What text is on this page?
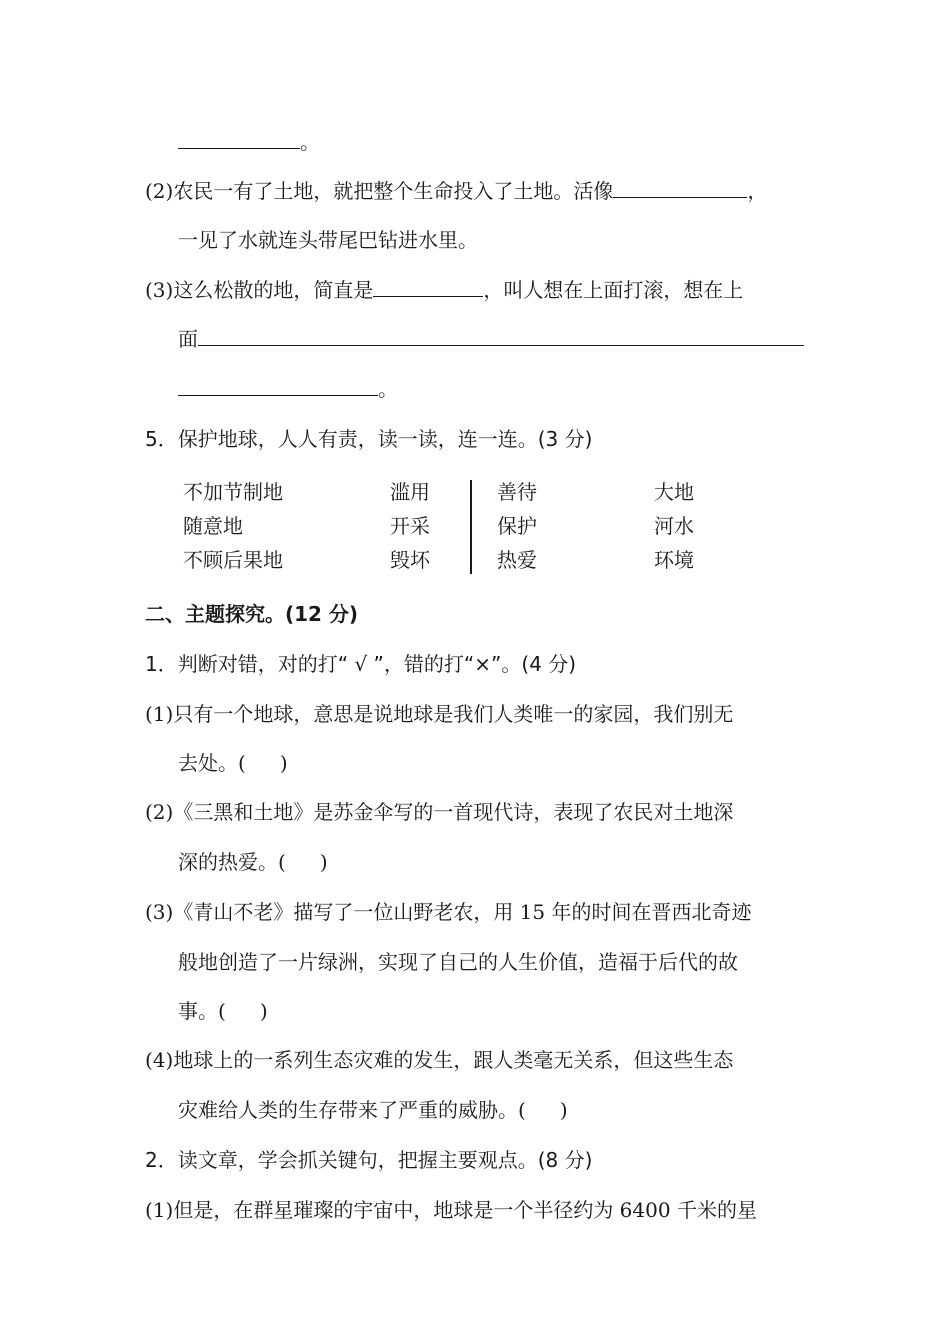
。
(2)农民一有了土地，就把整个生命投入了土地。活像	，
一见了水就连头带尾巴钻进水里。
(3)这么松散的地，简直是	，叫人想在上面打滚，想在上
面
。
5．保护地球，人人有责，读一读，连一连。(3 分)
不加节制地
随意地
不顾后果地
滥用
开采
毁坏
善待
保护
热爱
大地
河水
环境
二、主题探究。(12 分)
1．判断对错，对的打“ √ ”，错的打“×”。(4 分)
(1)只有一个地球，意思是说地球是我们人类唯一的家园，我们别无
去处。( )
(2)《三黑和土地》是苏金伞写的一首现代诗，表现了农民对土地深
深的热爱。( )
(3)《青山不老》描写了一位山野老农，用 15 年的时间在晋西北奇迹
般地创造了一片绿洲，实现了自己的人生价值，造福于后代的故
事。( )
(4)地球上的一系列生态灾难的发生，跟人类毫无关系，但这些生态
灾难给人类的生存带来了严重的威胁。( )
2．读文章，学会抓关键句，把握主要观点。(8 分)
(1)但是，在群星璀璨的宇宙中，地球是一个半径约为 6400 千米的星
